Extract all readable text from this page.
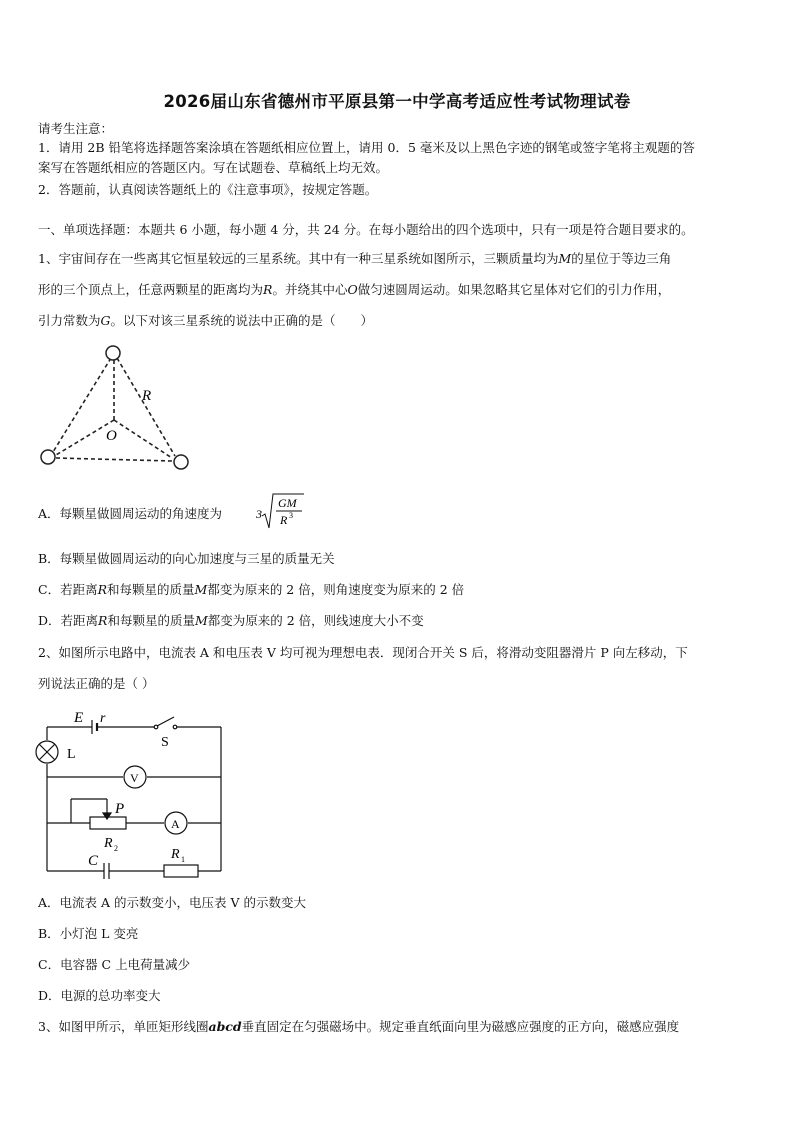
2026届山东省德州市平原县第一中学高考适应性考试物理试卷
请考生注意：
1．请用 2B 铅笔将选择题答案涂填在答题纸相应位置上，请用 0．5 毫米及以上黑色字迹的钢笔或签字笔将主观题的答
案写在答题纸相应的答题区内。写在试题卷、草稿纸上均无效。
2．答题前，认真阅读答题纸上的《注意事项》，按规定答题。
一、单项选择题：本题共 6 小题，每小题 4 分，共 24 分。在每小题给出的四个选项中，只有一项是符合题目要求的。
1、宇宙间存在一些离其它恒星较远的三星系统。其中有一种三星系统如图所示，三颗质量均为M的星位于等边三角
形的三个顶点上，任意两颗星的距离均为R。并绕其中心O做匀速圆周运动。如果忽略其它星体对它们的引力作用，
引力常数为G。以下对该三星系统的说法中正确的是（　　）
R
O
A．每颗星做圆周运动的角速度为	3
GM
R 3
B．每颗星做圆周运动的向心加速度与三星的质量无关
C．若距离R和每颗星的质量M都变为原来的 2 倍，则角速度变为原来的 2 倍
D．若距离R和每颗星的质量M都变为原来的 2 倍，则线速度大小不变
2、如图所示电路中，电流表 A 和电压表 V 均可视为理想电表．现闭合开关 S 后，将滑动变阻器滑片 P 向左移动，下
列说法正确的是（ ）
E r
S
L
V
A
P
R 2
C	R 1
A．电流表 A 的示数变小，电压表 V 的示数变大
B．小灯泡 L 变亮
C．电容器 C 上电荷量减少
D．电源的总功率变大
3、如图甲所示，单匝矩形线圈abcd垂直固定在匀强磁场中。规定垂直纸面向里为磁感应强度的正方向，磁感应强度
